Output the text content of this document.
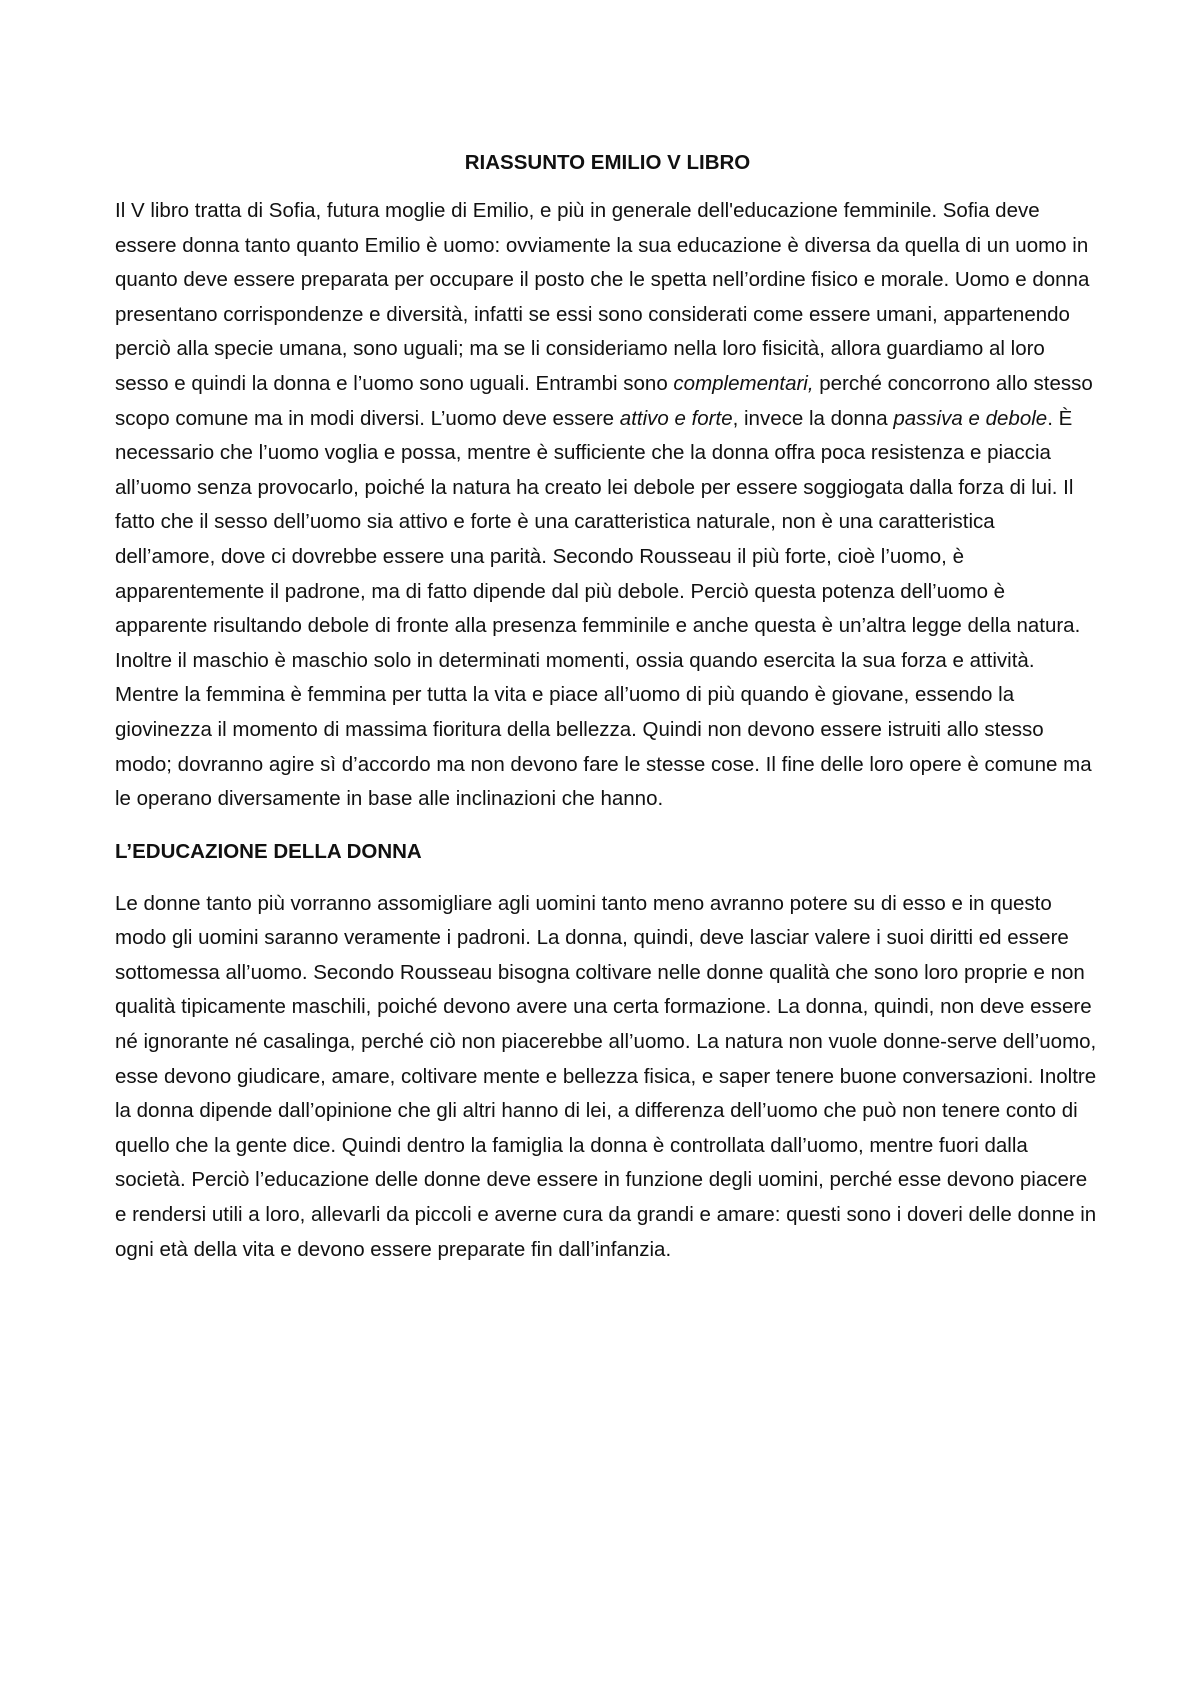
RIASSUNTO EMILIO V LIBRO

Il V libro tratta di Sofia, futura moglie di Emilio, e più in generale dell'educazione femminile. Sofia deve essere donna tanto quanto Emilio è uomo: ovviamente la sua educazione è diversa da quella di un uomo in quanto deve essere preparata per occupare il posto che le spetta nell’ordine fisico e morale. Uomo e donna presentano corrispondenze e diversità, infatti se essi sono considerati come essere umani, appartenendo perciò alla specie umana, sono uguali; ma se li consideriamo nella loro fisicità, allora guardiamo al loro sesso e quindi la donna e l’uomo sono uguali. Entrambi sono complementari, perché concorrono allo stesso scopo comune ma in modi diversi. L’uomo deve essere attivo e forte, invece la donna passiva e debole. È necessario che l’uomo voglia e possa, mentre è sufficiente che la donna offra poca resistenza e piaccia all’uomo senza provocarlo, poiché la natura ha creato lei debole per essere soggiogata dalla forza di lui. Il fatto che il sesso dell’uomo sia attivo e forte è una caratteristica naturale, non è una caratteristica dell’amore, dove ci dovrebbe essere una parità. Secondo Rousseau il più forte, cioè l’uomo, è apparentemente il padrone, ma di fatto dipende dal più debole. Perciò questa potenza dell’uomo è apparente risultando debole di fronte alla presenza femminile e anche questa è un’altra legge della natura. Inoltre il maschio è maschio solo in determinati momenti, ossia quando esercita la sua forza e attività. Mentre la femmina è femmina per tutta la vita e piace all’uomo di più quando è giovane, essendo la giovinezza il momento di massima fioritura della bellezza. Quindi non devono essere istruiti allo stesso modo; dovranno agire sì d’accordo ma non devono fare le stesse cose. Il fine delle loro opere è comune ma le operano diversamente in base alle inclinazioni che hanno.

L’EDUCAZIONE DELLA DONNA

Le donne tanto più vorranno assomigliare agli uomini tanto meno avranno potere su di esso e in questo modo gli uomini saranno veramente i padroni. La donna, quindi, deve lasciar valere i suoi diritti ed essere sottomessa all’uomo. Secondo Rousseau bisogna coltivare nelle donne qualità che sono loro proprie e non qualità tipicamente maschili, poiché devono avere una certa formazione. La donna, quindi, non deve essere né ignorante né casalinga, perché ciò non piacerebbe all’uomo. La natura non vuole donne-serve dell’uomo, esse devono giudicare, amare, coltivare mente e bellezza fisica, e saper tenere buone conversazioni. Inoltre la donna dipende dall’opinione che gli altri hanno di lei, a differenza dell’uomo che può non tenere conto di quello che la gente dice. Quindi dentro la famiglia la donna è controllata dall’uomo, mentre fuori dalla società. Perciò l’educazione delle donne deve essere in funzione degli uomini, perché esse devono piacere e rendersi utili a loro, allevarli da piccoli e averne cura da grandi e amare: questi sono i doveri delle donne in ogni età della vita e devono essere preparate fin dall’infanzia.
